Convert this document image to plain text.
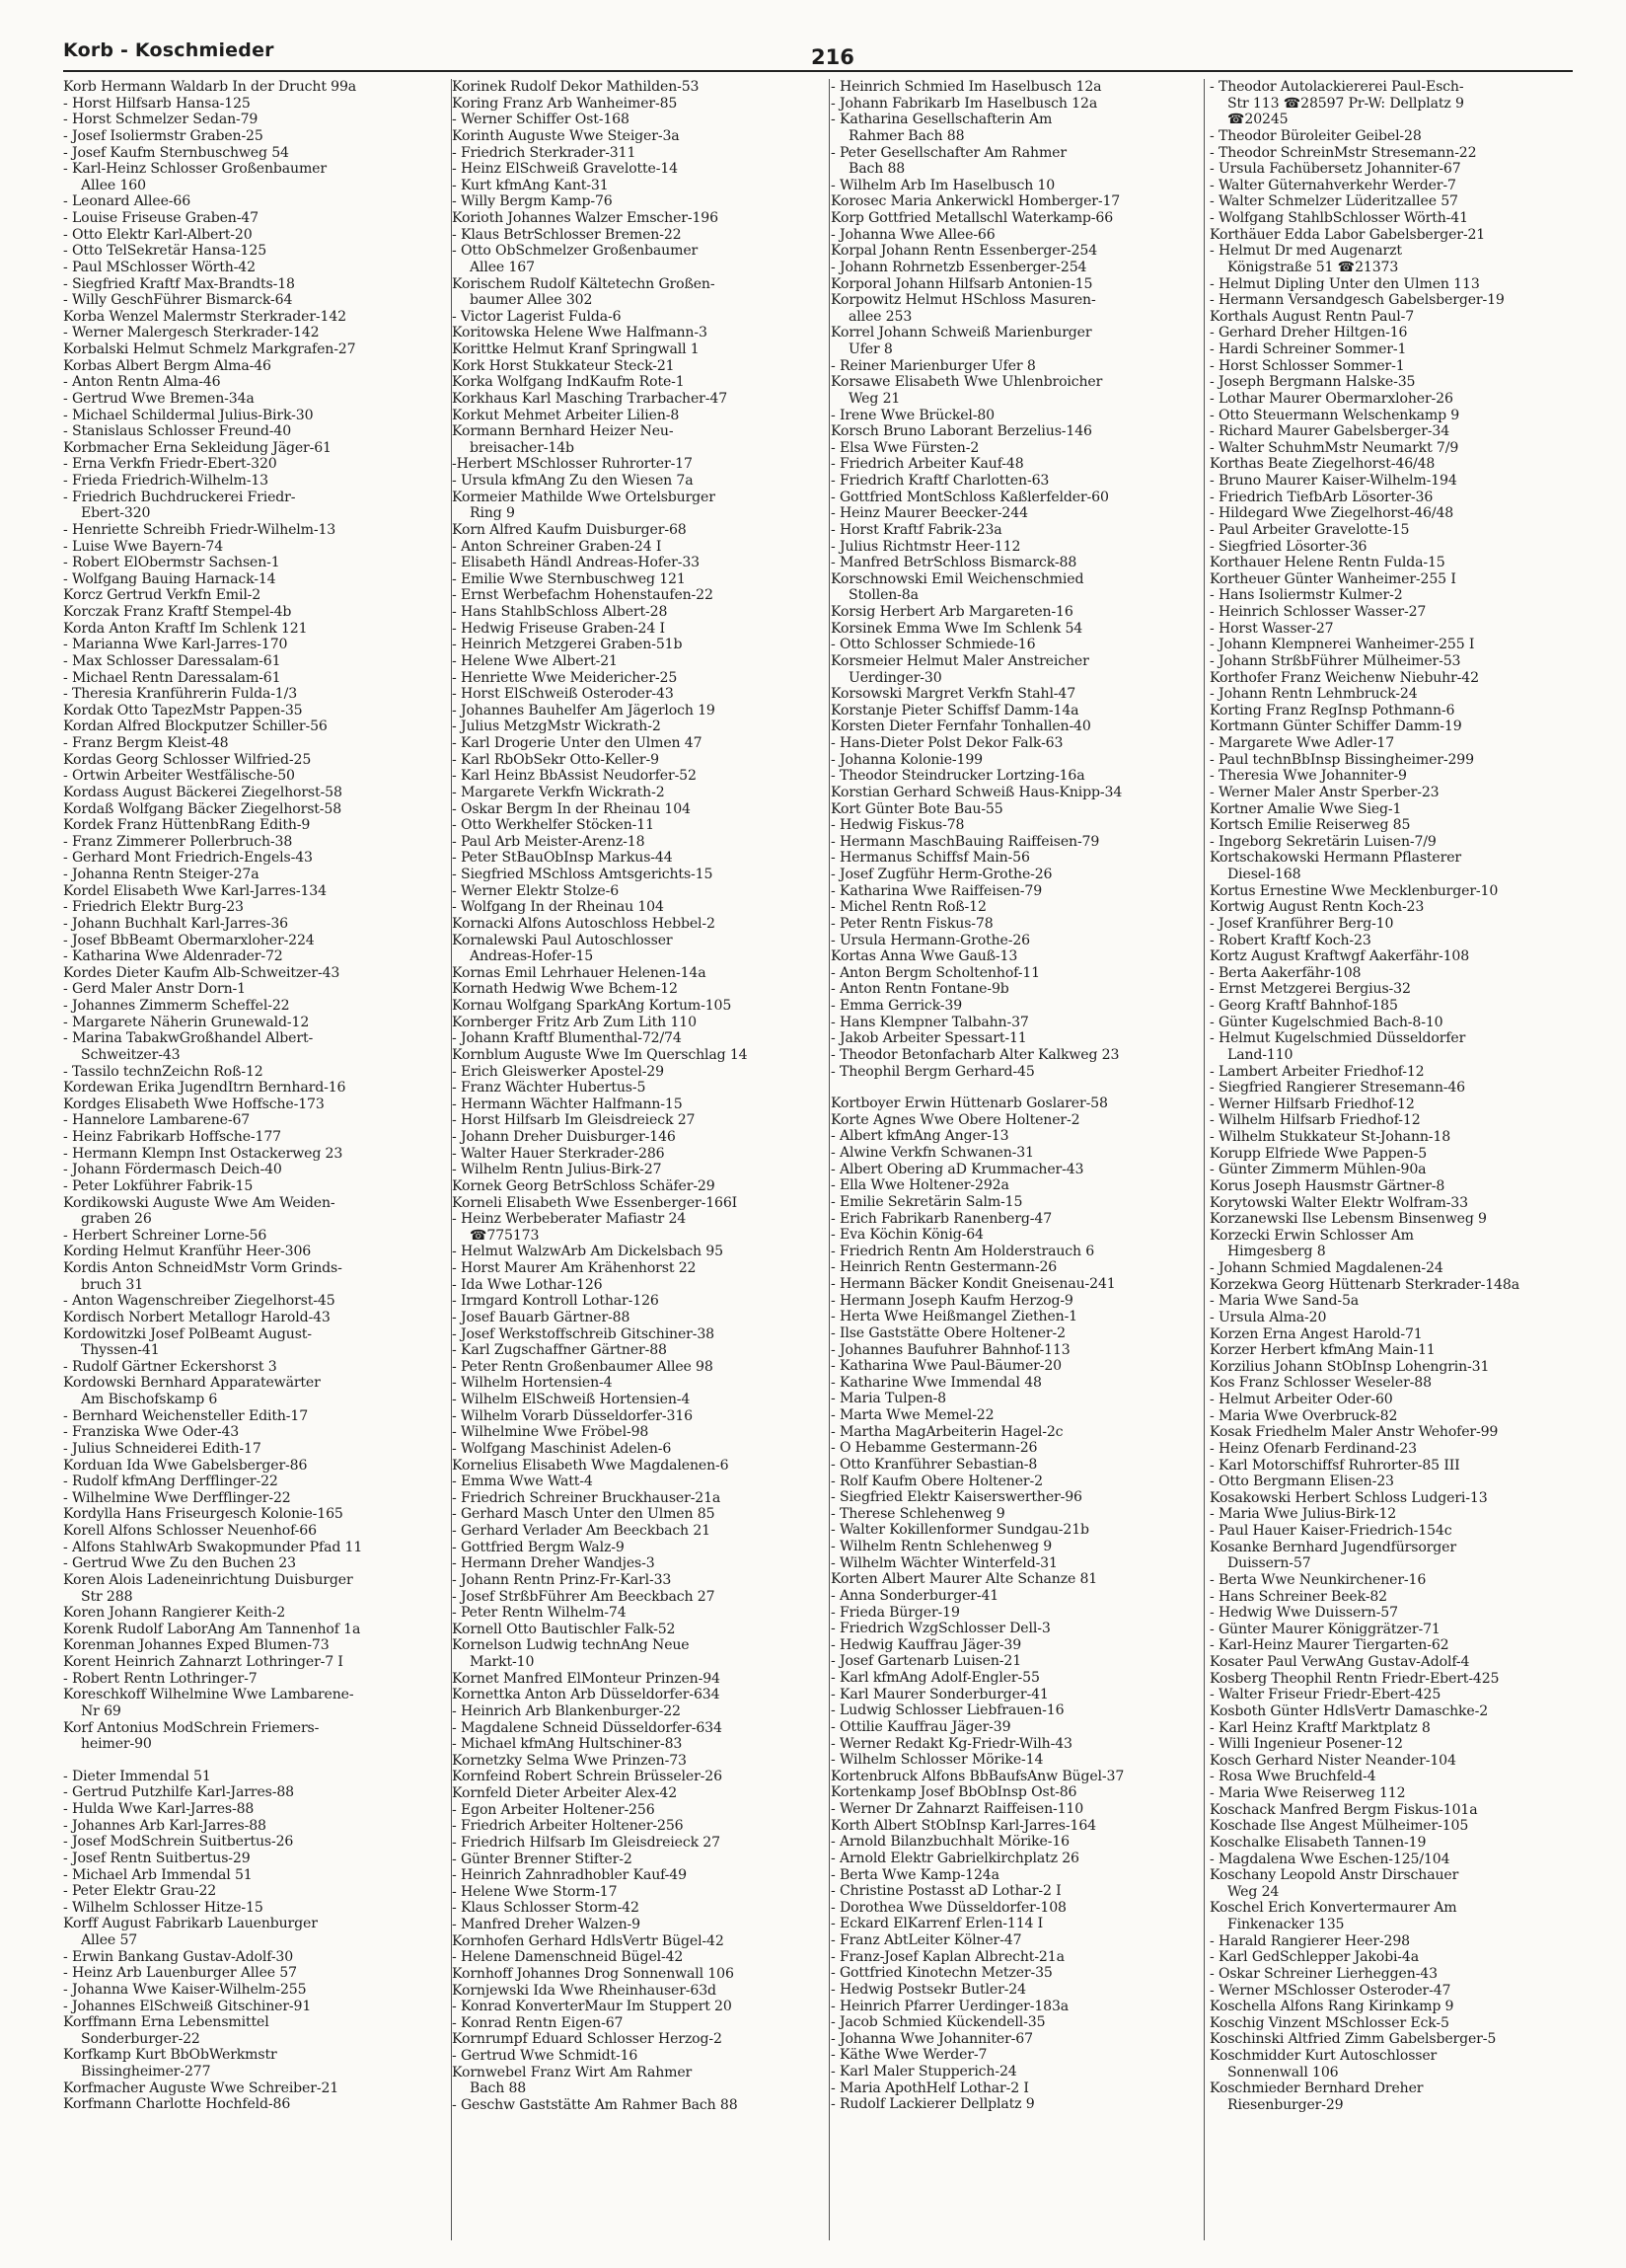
Korb - Koschmieder	216
Korb Hermann Waldarb In der Drucht 99a
- Horst Hilfsarb Hansa-125
- Horst Schmelzer Sedan-79
- Josef Isoliermstr Graben-25
- Josef Kaufm Sternbuschweg 54
- Karl-Heinz Schlosser Großenbaumer
Allee 160
- Leonard Allee-66
- Louise Friseuse Graben-47
- Otto Elektr Karl-Albert-20
- Otto TelSekretär Hansa-125
- Paul MSchlosser Wörth-42
- Siegfried Kraftf Max-Brandts-18
- Willy GeschFührer Bismarck-64
Korba Wenzel Malermstr Sterkrader-142
- Werner Malergesch Sterkrader-142
Korbalski Helmut Schmelz Markgrafen-27
Korbas Albert Bergm Alma-46
- Anton Rentn Alma-46
- Gertrud Wwe Bremen-34a
- Michael Schildermal Julius-Birk-30
- Stanislaus Schlosser Freund-40
Korbmacher Erna Sekleidung Jäger-61
- Erna Verkfn Friedr-Ebert-320
- Frieda Friedrich-Wilhelm-13
- Friedrich Buchdruckerei Friedr-
Ebert-320
- Henriette Schreibh Friedr-Wilhelm-13
- Luise Wwe Bayern-74
- Robert ElObermstr Sachsen-1
- Wolfgang Bauing Harnack-14
Korcz Gertrud Verkfn Emil-2
Korczak Franz Kraftf Stempel-4b
Korda Anton Kraftf Im Schlenk 121
- Marianna Wwe Karl-Jarres-170
- Max Schlosser Daressalam-61
- Michael Rentn Daressalam-61
- Theresia Kranführerin Fulda-1/3
Kordak Otto TapezMstr Pappen-35
Kordan Alfred Blockputzer Schiller-56
- Franz Bergm Kleist-48
Kordas Georg Schlosser Wilfried-25
- Ortwin Arbeiter Westfälische-50
Kordass August Bäckerei Ziegelhorst-58
Kordaß Wolfgang Bäcker Ziegelhorst-58
Kordek Franz HüttenbRang Edith-9
- Franz Zimmerer Pollerbruch-38
- Gerhard Mont Friedrich-Engels-43
- Johanna Rentn Steiger-27a
Kordel Elisabeth Wwe Karl-Jarres-134
- Friedrich Elektr Burg-23
- Johann Buchhalt Karl-Jarres-36
- Josef BbBeamt Obermarxloher-224
- Katharina Wwe Aldenrader-72
Kordes Dieter Kaufm Alb-Schweitzer-43
- Gerd Maler Anstr Dorn-1
- Johannes Zimmerm Scheffel-22
- Margarete Näherin Grunewald-12
- Marina TabakwGroßhandel Albert-
Schweitzer-43
- Tassilo technZeichn Roß-12
Kordewan Erika JugendItrn Bernhard-16
Kordges Elisabeth Wwe Hoffsche-173
- Hannelore Lambarene-67
- Heinz Fabrikarb Hoffsche-177
- Hermann Klempn Inst Ostackerweg 23
- Johann Fördermasch Deich-40
- Peter Lokführer Fabrik-15
Kordikowski Auguste Wwe Am Weiden-
graben 26
- Herbert Schreiner Lorne-56
Kording Helmut Kranführ Heer-306
Kordis Anton SchneidMstr Vorm Grinds-
bruch 31
- Anton Wagenschreiber Ziegelhorst-45
Kordisch Norbert Metallogr Harold-43
Kordowitzki Josef PolBeamt August-
Thyssen-41
- Rudolf Gärtner Eckershorst 3
Kordowski Bernhard Apparatewärter
Am Bischofskamp 6
- Bernhard Weichensteller Edith-17
- Franziska Wwe Oder-43
- Julius Schneiderei Edith-17
Korduan Ida Wwe Gabelsberger-86
- Rudolf kfmAng Derfflinger-22
- Wilhelmine Wwe Derfflinger-22
Kordylla Hans Friseurgesch Kolonie-165
Korell Alfons Schlosser Neuenhof-66
- Alfons StahlwArb Swakopmunder Pfad 11
- Gertrud Wwe Zu den Buchen 23
Koren Alois Ladeneinrichtung Duisburger
Str 288
Koren Johann Rangierer Keith-2
Korenk Rudolf LaborAng Am Tannenhof 1a
Korenman Johannes Exped Blumen-73
Korent Heinrich Zahnarzt Lothringer-7 I
- Robert Rentn Lothringer-7
Koreschkoff Wilhelmine Wwe Lambarene-
Nr 69
Korf Antonius ModSchrein Friemers-
heimer-90
- Dieter Immendal 51
- Gertrud Putzhilfe Karl-Jarres-88
- Hulda Wwe Karl-Jarres-88
- Johannes Arb Karl-Jarres-88
- Josef ModSchrein Suitbertus-26
- Josef Rentn Suitbertus-29
- Michael Arb Immendal 51
- Peter Elektr Grau-22
- Wilhelm Schlosser Hitze-15
Korff August Fabrikarb Lauenburger
Allee 57
- Erwin Bankang Gustav-Adolf-30
- Heinz Arb Lauenburger Allee 57
- Johanna Wwe Kaiser-Wilhelm-255
- Johannes ElSchweiß Gitschiner-91
Korffmann Erna Lebensmittel
Sonderburger-22
Korfkamp Kurt BbObWerkmstr
Bissingheimer-277
Korfmacher Auguste Wwe Schreiber-21
Korfmann Charlotte Hochfeld-86
Korinek Rudolf Dekor Mathilden-53
Koring Franz Arb Wanheimer-85
- Werner Schiffer Ost-168
Korinth Auguste Wwe Steiger-3a
- Friedrich Sterkrader-311
- Heinz ElSchweiß Gravelotte-14
- Kurt kfmAng Kant-31
- Willy Bergm Kamp-76
Korioth Johannes Walzer Emscher-196
- Klaus BetrSchlosser Bremen-22
- Otto ObSchmelzer Großenbaumer
Allee 167
Korischem Rudolf Kältetechn Großen-
baumer Allee 302
- Victor Lagerist Fulda-6
Koritowska Helene Wwe Halfmann-3
Korittke Helmut Kranf Springwall 1
Kork Horst Stukkateur Steck-21
Korka Wolfgang IndKaufm Rote-1
Korkhaus Karl Masching Trarbacher-47
Korkut Mehmet Arbeiter Lilien-8
Kormann Bernhard Heizer Neu-
breisacher-14b
-Herbert MSchlosser Ruhrorter-17
- Ursula kfmAng Zu den Wiesen 7a
Kormeier Mathilde Wwe Ortelsburger
Ring 9
Korn Alfred Kaufm Duisburger-68
- Anton Schreiner Graben-24 I
- Elisabeth Händl Andreas-Hofer-33
- Emilie Wwe Sternbuschweg 121
- Ernst Werbefachm Hohenstaufen-22
- Hans StahlbSchloss Albert-28
- Hedwig Friseuse Graben-24 I
- Heinrich Metzgerei Graben-51b
- Helene Wwe Albert-21
- Henriette Wwe Meidericher-25
- Horst ElSchweiß Osteroder-43
- Johannes Bauhelfer Am Jägerloch 19
- Julius MetzgMstr Wickrath-2
- Karl Drogerie Unter den Ulmen 47
- Karl RbObSekr Otto-Keller-9
- Karl Heinz BbAssist Neudorfer-52
- Margarete Verkfn Wickrath-2
- Oskar Bergm In der Rheinau 104
- Otto Werkhelfer Stöcken-11
- Paul Arb Meister-Arenz-18
- Peter StBauObInsp Markus-44
- Siegfried MSchloss Amtsgerichts-15
- Werner Elektr Stolze-6
- Wolfgang In der Rheinau 104
Kornacki Alfons Autoschloss Hebbel-2
Kornalewski Paul Autoschlosser
Andreas-Hofer-15
Kornas Emil Lehrhauer Helenen-14a
Kornath Hedwig Wwe Bchem-12
Kornau Wolfgang SparkAng Kortum-105
Kornberger Fritz Arb Zum Lith 110
- Johann Kraftf Blumenthal-72/74
Kornblum Auguste Wwe Im Querschlag 14
- Erich Gleiswerker Apostel-29
- Franz Wächter Hubertus-5
- Hermann Wächter Halfmann-15
- Horst Hilfsarb Im Gleisdreieck 27
- Johann Dreher Duisburger-146
- Walter Hauer Sterkrader-286
- Wilhelm Rentn Julius-Birk-27
Kornek Georg BetrSchloss Schäfer-29
Korneli Elisabeth Wwe Essenberger-166I
- Heinz Werbeberater Mafiastr 24
☎775173
- Helmut WalzwArb Am Dickelsbach 95
- Horst Maurer Am Krähenhorst 22
- Ida Wwe Lothar-126
- Irmgard Kontroll Lothar-126
- Josef Bauarb Gärtner-88
- Josef Werkstoffschreib Gitschiner-38
- Karl Zugschaffner Gärtner-88
- Peter Rentn Großenbaumer Allee 98
- Wilhelm Hortensien-4
- Wilhelm ElSchweiß Hortensien-4
- Wilhelm Vorarb Düsseldorfer-316
- Wilhelmine Wwe Fröbel-98
- Wolfgang Maschinist Adelen-6
Kornelius Elisabeth Wwe Magdalenen-6
- Emma Wwe Watt-4
- Friedrich Schreiner Bruckhauser-21a
- Gerhard Masch Unter den Ulmen 85
- Gerhard Verlader Am Beeckbach 21
- Gottfried Bergm Walz-9
- Hermann Dreher Wandjes-3
- Johann Rentn Prinz-Fr-Karl-33
- Josef StrßbFührer Am Beeckbach 27
- Peter Rentn Wilhelm-74
Kornell Otto Bautischler Falk-52
Kornelson Ludwig technAng Neue
Markt-10
Kornet Manfred ElMonteur Prinzen-94
Kornettka Anton Arb Düsseldorfer-634
- Heinrich Arb Blankenburger-22
- Magdalene Schneid Düsseldorfer-634
- Michael kfmAng Hultschiner-83
Kornetzky Selma Wwe Prinzen-73
Kornfeind Robert Schrein Brüsseler-26
Kornfeld Dieter Arbeiter Alex-42
- Egon Arbeiter Holtener-256
- Friedrich Arbeiter Holtener-256
- Friedrich Hilfsarb Im Gleisdreieck 27
- Günter Brenner Stifter-2
- Heinrich Zahnradhobler Kauf-49
- Helene Wwe Storm-17
- Klaus Schlosser Storm-42
- Manfred Dreher Walzen-9
Kornhofen Gerhard HdlsVertr Bügel-42
- Helene Damenschneid Bügel-42
Kornhoff Johannes Drog Sonnenwall 106
Kornjewski Ida Wwe Rheinhauser-63d
- Konrad KonverterMaur Im Stuppert 20
- Konrad Rentn Eigen-67
Kornrumpf Eduard Schlosser Herzog-2
- Gertrud Wwe Schmidt-16
Kornwebel Franz Wirt Am Rahmer
Bach 88
- Geschw Gaststätte Am Rahmer Bach 88
- Heinrich Schmied Im Haselbusch 12a
- Johann Fabrikarb Im Haselbusch 12a
- Katharina Gesellschafterin Am
Rahmer Bach 88
- Peter Gesellschafter Am Rahmer
Bach 88
- Wilhelm Arb Im Haselbusch 10
Korosec Maria Ankerwickl Homberger-17
Korp Gottfried Metallschl Waterkamp-66
- Johanna Wwe Allee-66
Korpal Johann Rentn Essenberger-254
- Johann Rohrnetzb Essenberger-254
Korporal Johann Hilfsarb Antonien-15
Korpowitz Helmut HSchloss Masuren-
allee 253
Korrel Johann Schweiß Marienburger
Ufer 8
- Reiner Marienburger Ufer 8
Korsawe Elisabeth Wwe Uhlenbroicher
Weg 21
- Irene Wwe Brückel-80
Korsch Bruno Laborant Berzelius-146
- Elsa Wwe Fürsten-2
- Friedrich Arbeiter Kauf-48
- Friedrich Kraftf Charlotten-63
- Gottfried MontSchloss Kaßlerfelder-60
- Heinz Maurer Beecker-244
- Horst Kraftf Fabrik-23a
- Julius Richtmstr Heer-112
- Manfred BetrSchloss Bismarck-88
Korschnowski Emil Weichenschmied
Stollen-8a
Korsig Herbert Arb Margareten-16
Korsinek Emma Wwe Im Schlenk 54
- Otto Schlosser Schmiede-16
Korsmeier Helmut Maler Anstreicher
Uerdinger-30
Korsowski Margret Verkfn Stahl-47
Korstanje Pieter Schiffsf Damm-14a
Korsten Dieter Fernfahr Tonhallen-40
- Hans-Dieter Polst Dekor Falk-63
- Johanna Kolonie-199
- Theodor Steindrucker Lortzing-16a
Korstian Gerhard Schweiß Haus-Knipp-34
Kort Günter Bote Bau-55
- Hedwig Fiskus-78
- Hermann MaschBauing Raiffeisen-79
- Hermanus Schiffsf Main-56
- Josef Zugführ Herm-Grothe-26
- Katharina Wwe Raiffeisen-79
- Michel Rentn Roß-12
- Peter Rentn Fiskus-78
- Ursula Hermann-Grothe-26
Kortas Anna Wwe Gauß-13
- Anton Bergm Scholtenhof-11
- Anton Rentn Fontane-9b
- Emma Gerrick-39
- Hans Klempner Talbahn-37
- Jakob Arbeiter Spessart-11
- Theodor Betonfacharb Alter Kalkweg 23
- Theophil Bergm Gerhard-45
Kortboyer Erwin Hüttenarb Goslarer-58
Korte Agnes Wwe Obere Holtener-2
- Albert kfmAng Anger-13
- Alwine Verkfn Schwanen-31
- Albert Obering aD Krummacher-43
- Ella Wwe Holtener-292a
- Emilie Sekretärin Salm-15
- Erich Fabrikarb Ranenberg-47
- Eva Köchin König-64
- Friedrich Rentn Am Holderstrauch 6
- Heinrich Rentn Gestermann-26
- Hermann Bäcker Kondit Gneisenau-241
- Hermann Joseph Kaufm Herzog-9
- Herta Wwe Heißmangel Ziethen-1
- Ilse Gaststätte Obere Holtener-2
- Johannes Baufuhrer Bahnhof-113
- Katharina Wwe Paul-Bäumer-20
- Katharine Wwe Immendal 48
- Maria Tulpen-8
- Marta Wwe Memel-22
- Martha MagArbeiterin Hagel-2c
- O Hebamme Gestermann-26
- Otto Kranführer Sebastian-8
- Rolf Kaufm Obere Holtener-2
- Siegfried Elektr Kaiserswerther-96
- Therese Schlehenweg 9
- Walter Kokillenformer Sundgau-21b
- Wilhelm Rentn Schlehenweg 9
- Wilhelm Wächter Winterfeld-31
Korten Albert Maurer Alte Schanze 81
- Anna Sonderburger-41
- Frieda Bürger-19
- Friedrich WzgSchlosser Dell-3
- Hedwig Kauffrau Jäger-39
- Josef Gartenarb Luisen-21
- Karl kfmAng Adolf-Engler-55
- Karl Maurer Sonderburger-41
- Ludwig Schlosser Liebfrauen-16
- Ottilie Kauffrau Jäger-39
- Werner Redakt Kg-Friedr-Wilh-43
- Wilhelm Schlosser Mörike-14
Kortenbruck Alfons BbBaufsAnw Bügel-37
Kortenkamp Josef BbObInsp Ost-86
- Werner Dr Zahnarzt Raiffeisen-110
Korth Albert StObInsp Karl-Jarres-164
- Arnold Bilanzbuchhalt Mörike-16
- Arnold Elektr Gabrielkirchplatz 26
- Berta Wwe Kamp-124a
- Christine Postasst aD Lothar-2 I
- Dorothea Wwe Düsseldorfer-108
- Eckard ElKarrenf Erlen-114 I
- Franz AbtLeiter Kölner-47
- Franz-Josef Kaplan Albrecht-21a
- Gottfried Kinotechn Metzer-35
- Hedwig Postsekr Butler-24
- Heinrich Pfarrer Uerdinger-183a
- Jacob Schmied Kückendell-35
- Johanna Wwe Johanniter-67
- Käthe Wwe Werder-7
- Karl Maler Stupperich-24
- Maria ApothHelf Lothar-2 I
- Rudolf Lackierer Dellplatz 9
- Theodor Autolackiererei Paul-Esch-
Str 113 ☎28597 Pr-W: Dellplatz 9
☎20245
- Theodor Büroleiter Geibel-28
- Theodor SchreinMstr Stresemann-22
- Ursula Fachübersetz Johanniter-67
- Walter Güternahverkehr Werder-7
- Walter Schmelzer Lüderitzallee 57
- Wolfgang StahlbSchlosser Wörth-41
Korthäuer Edda Labor Gabelsberger-21
- Helmut Dr med Augenarzt
Königstraße 51 ☎21373
- Helmut Dipling Unter den Ulmen 113
- Hermann Versandgesch Gabelsberger-19
Korthals August Rentn Paul-7
- Gerhard Dreher Hiltgen-16
- Hardi Schreiner Sommer-1
- Horst Schlosser Sommer-1
- Joseph Bergmann Halske-35
- Lothar Maurer Obermarxloher-26
- Otto Steuermann Welschenkamp 9
- Richard Maurer Gabelsberger-34
- Walter SchuhmMstr Neumarkt 7/9
Korthas Beate Ziegelhorst-46/48
- Bruno Maurer Kaiser-Wilhelm-194
- Friedrich TiefbArb Lösorter-36
- Hildegard Wwe Ziegelhorst-46/48
- Paul Arbeiter Gravelotte-15
- Siegfried Lösorter-36
Korthauer Helene Rentn Fulda-15
Kortheuer Günter Wanheimer-255 I
- Hans Isoliermstr Kulmer-2
- Heinrich Schlosser Wasser-27
- Horst Wasser-27
- Johann Klempnerei Wanheimer-255 I
- Johann StrßbFührer Mülheimer-53
Korthofer Franz Weichenw Niebuhr-42
- Johann Rentn Lehmbruck-24
Korting Franz RegInsp Pothmann-6
Kortmann Günter Schiffer Damm-19
- Margarete Wwe Adler-17
- Paul technBbInsp Bissingheimer-299
- Theresia Wwe Johanniter-9
- Werner Maler Anstr Sperber-23
Kortner Amalie Wwe Sieg-1
Kortsch Emilie Reiserweg 85
- Ingeborg Sekretärin Luisen-7/9
Kortschakowski Hermann Pflasterer
Diesel-168
Kortus Ernestine Wwe Mecklenburger-10
Kortwig August Rentn Koch-23
- Josef Kranführer Berg-10
- Robert Kraftf Koch-23
Kortz August Kraftwgf Aakerfähr-108
- Berta Aakerfähr-108
- Ernst Metzgerei Bergius-32
- Georg Kraftf Bahnhof-185
- Günter Kugelschmied Bach-8-10
- Helmut Kugelschmied Düsseldorfer
Land-110
- Lambert Arbeiter Friedhof-12
- Siegfried Rangierer Stresemann-46
- Werner Hilfsarb Friedhof-12
- Wilhelm Hilfsarb Friedhof-12
- Wilhelm Stukkateur St-Johann-18
Korupp Elfriede Wwe Pappen-5
- Günter Zimmerm Mühlen-90a
Korus Joseph Hausmstr Gärtner-8
Korytowski Walter Elektr Wolfram-33
Korzanewski Ilse Lebensm Binsenweg 9
Korzecki Erwin Schlosser Am
Himgesberg 8
- Johann Schmied Magdalenen-24
Korzekwa Georg Hüttenarb Sterkrader-148a
- Maria Wwe Sand-5a
- Ursula Alma-20
Korzen Erna Angest Harold-71
Korzer Herbert kfmAng Main-11
Korzilius Johann StObInsp Lohengrin-31
Kos Franz Schlosser Weseler-88
- Helmut Arbeiter Oder-60
- Maria Wwe Overbruck-82
Kosak Friedhelm Maler Anstr Wehofer-99
- Heinz Ofenarb Ferdinand-23
- Karl Motorschiffsf Ruhrorter-85 III
- Otto Bergmann Elisen-23
Kosakowski Herbert Schloss Ludgeri-13
- Maria Wwe Julius-Birk-12
- Paul Hauer Kaiser-Friedrich-154c
Kosanke Bernhard Jugendfürsorger
Duissern-57
- Berta Wwe Neunkirchener-16
- Hans Schreiner Beek-82
- Hedwig Wwe Duissern-57
- Günter Maurer Königgrätzer-71
- Karl-Heinz Maurer Tiergarten-62
Kosater Paul VerwAng Gustav-Adolf-4
Kosberg Theophil Rentn Friedr-Ebert-425
- Walter Friseur Friedr-Ebert-425
Kosboth Günter HdlsVertr Damaschke-2
- Karl Heinz Kraftf Marktplatz 8
- Willi Ingenieur Posener-12
Kosch Gerhard Nister Neander-104
- Rosa Wwe Bruchfeld-4
- Maria Wwe Reiserweg 112
Koschack Manfred Bergm Fiskus-101a
Koschade Ilse Angest Mülheimer-105
Koschalke Elisabeth Tannen-19
- Magdalena Wwe Eschen-125/104
Koschany Leopold Anstr Dirschauer
Weg 24
Koschel Erich Konvertermaurer Am
Finkenacker 135
- Harald Rangierer Heer-298
- Karl GedSchlepper Jakobi-4a
- Oskar Schreiner Lierheggen-43
- Werner MSchlosser Osteroder-47
Koschella Alfons Rang Kirinkamp 9
Koschig Vinzent MSchlosser Eck-5
Koschinski Altfried Zimm Gabelsberger-5
Koschmidder Kurt Autoschlosser
Sonnenwall 106
Koschmieder Bernhard Dreher
Riesenburger-29
